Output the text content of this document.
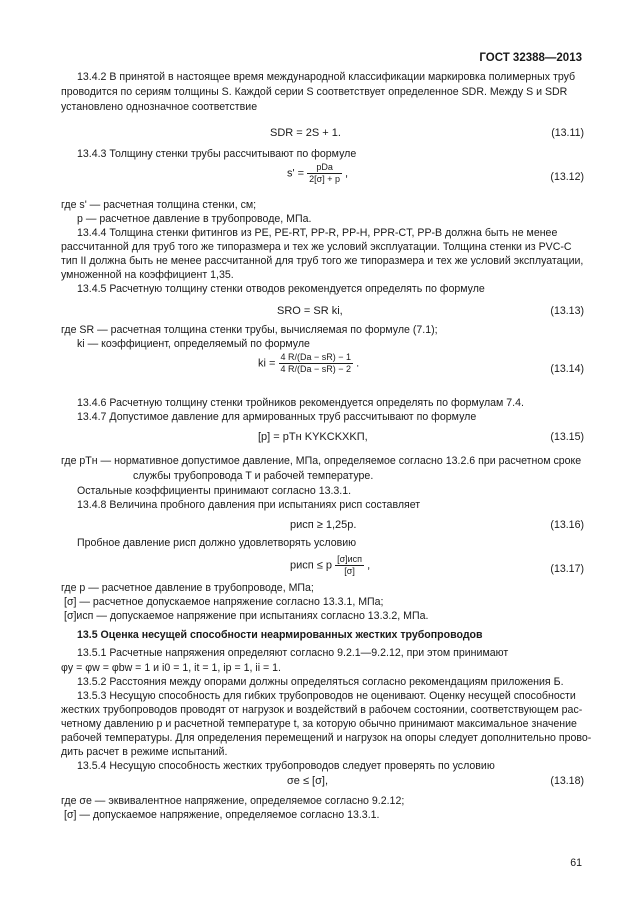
ГОСТ 32388—2013
13.4.2 В принятой в настоящее время международной классификации маркировка полимерных труб
проводится по сериям толщины S. Каждой серии S соответствует определенное SDR. Между S и SDR
установлено однозначное соответствие
SDR = 2S + 1.	(13.11)
13.4.3 Толщину стенки трубы рассчитывают по формуле
$s' = \frac{\text{pDa}}{2[\sigma] + p}$ ,	(13.12)
где s' — расчетная толщина стенки, см;
p — расчетное давление в трубопроводе, МПа.
13.4.4 Толщина стенки фитингов из PE, PE-RT, PP-R, PP-H, PPR-CT, PP-B должна быть не менее
рассчитанной для труб того же типоразмера и тех же условий эксплуатации. Толщина стенки из PVC-C
тип II должна быть не менее рассчитанной для труб того же типоразмера и тех же условий эксплуатации,
умноженной на коэффициент 1,35.
13.4.5 Расчетную толщину стенки отводов рекомендуется определять по формуле
SRO = SR ki,	(13.13)
где SR — расчетная толщина стенки трубы, вычисляемая по формуле (7.1);
ki — коэффициент, определяемый по формуле
ki = $\frac{4 R/(Da - sR) - 1}{4 R/(Da - sR) - 2}$ .	(13.14)
13.4.6 Расчетную толщину стенки тройников рекомендуется определять по формулам 7.4.
13.4.7 Допустимое давление для армированных труб рассчитывают по формуле
[p] = pTн KYKCKXKП,	(13.15)
где pTн — нормативное допустимое давление, МПа, определяемое согласно 13.2.6 при расчетном сроке
службы трубопровода T и рабочей температуре.
Остальные коэффициенты принимают согласно 13.3.1.
13.4.8 Величина пробного давления при испытаниях pисп составляет
pисп ≥ 1,25p.	(13.16)
Пробное давление pисп должно удовлетворять условию
pисп ≤ p $\frac{\text{[σ]исп}}{[\sigma]}$ ,	(13.17)
где p — расчетное давление в трубопроводе, МПа;
[σ] — расчетное допускаемое напряжение согласно 13.3.1, МПа;
[σ]исп — допускаемое напряжение при испытаниях согласно 13.3.2, МПа.
13.5 Оценка несущей способности неармированных жестких трубопроводов
13.5.1 Расчетные напряжения определяют согласно 9.2.1—9.2.12, при этом принимают
φy = φw = φbw = 1 и i0 = 1, it = 1, ip = 1, ii = 1.
13.5.2 Расстояния между опорами должны определяться согласно рекомендациям приложения Б.
13.5.3 Несущую способность для гибких трубопроводов не оценивают. Оценку несущей способности
жестких трубопроводов проводят от нагрузок и воздействий в рабочем состоянии, соответствующем рас-
четному давлению p и расчетной температуре t, за которую обычно принимают максимальное значение
рабочей температуры. Для определения перемещений и нагрузок на опоры следует дополнительно прово-
дить расчет в режиме испытаний.
13.5.4 Несущую способность жестких трубопроводов следует проверять по условию
σe ≤ [σ],	(13.18)
где σe — эквивалентное напряжение, определяемое согласно 9.2.12;
[σ] — допускаемое напряжение, определяемое согласно 13.3.1.
61
